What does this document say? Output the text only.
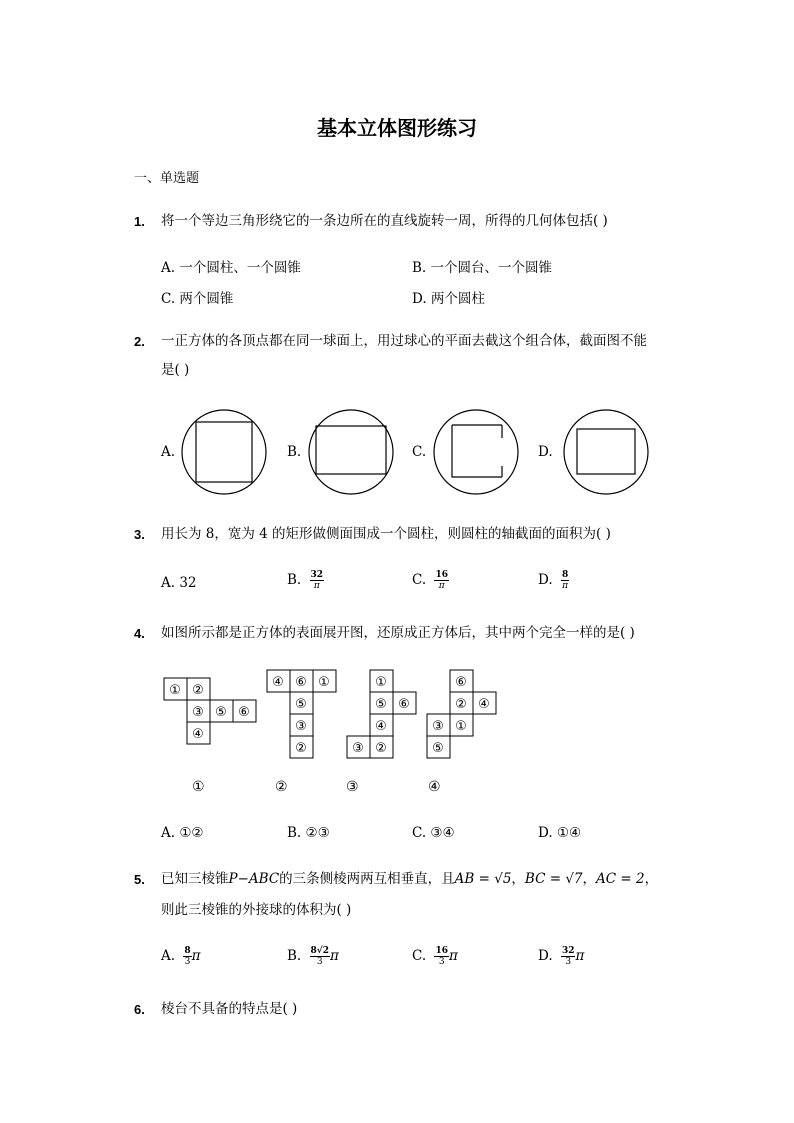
基本立体图形练习
一、单选题
1. 将一个等边三角形绕它的一条边所在的直线旋转一周，所得的几何体包括( )
A. 一个圆柱、一个圆锥	B. 一个圆台、一个圆锥
C. 两个圆锥	D. 两个圆柱
2. 一正方体的各顶点都在同一球面上，用过球心的平面去截这个组合体，截面图不能
是( )
A.	B.	C.	D.
3. 用长为 8，宽为 4 的矩形做侧面围成一个圆柱，则圆柱的轴截面的面积为( )
A. 32	B. $\frac{32}{\pi}$	C. $\frac{16}{\pi}$	D. $\frac{8}{\pi}$
4. 如图所示都是正方体的表面展开图，还原成正方体后，其中两个完全一样的是( )
① ②
③ ⑤ ⑥
④
④ ⑥ ①
⑤
③
②
①
⑤ ⑥
④
③ ②
⑥
② ④
③ ①
⑤
①	②	③	④
A. ①②	B. ②③	C. ③④	D. ①④
5. 已知三棱锥P−ABC的三条侧棱两两互相垂直，且AB = √5，BC = √7，AC = 2，
则此三棱锥的外接球的体积为( )
A. $\frac{8}{3}$ π	B. $\frac{8√2}{3}$ π	C. $\frac{16}{3}$ π	D. $\frac{32}{3}$ π
6. 棱台不具备的特点是( )
